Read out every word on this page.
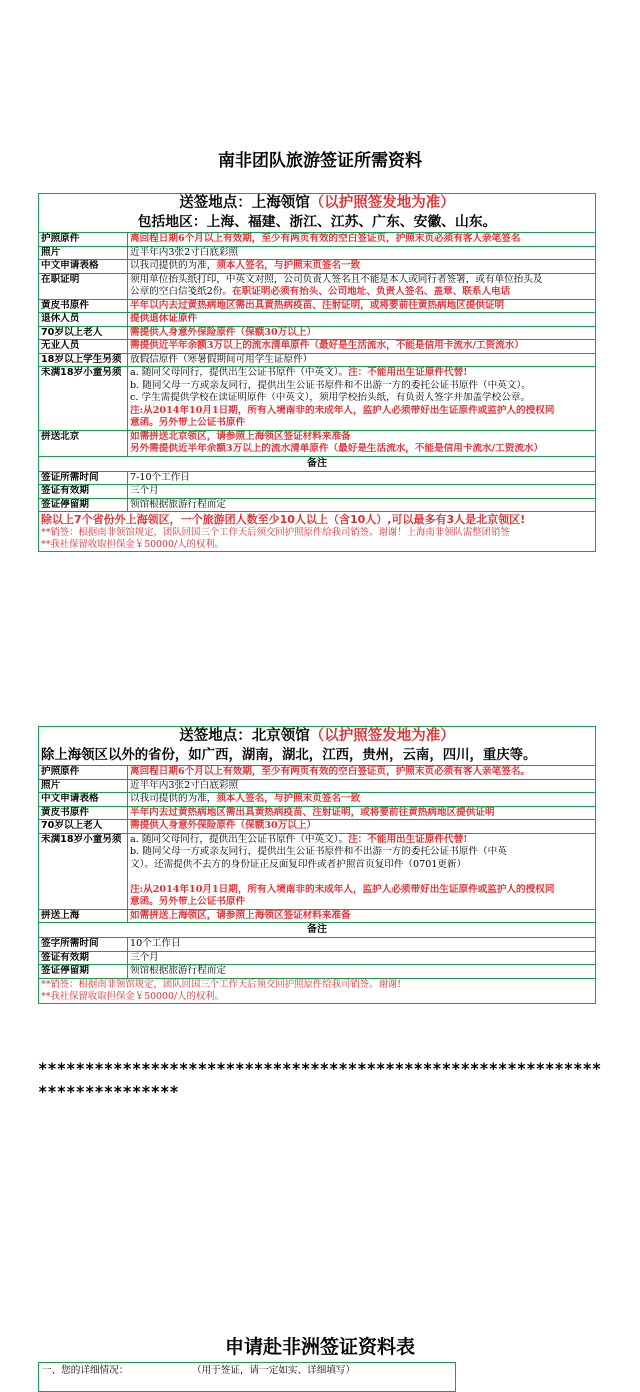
南非团队旅游签证所需资料
送签地点：上海领馆（以护照签发地为准）
包括地区：上海、福建、浙江、江苏、广东、安徽、山东。
护照原件	离回程日期6个月以上有效期，至少有两页有效的空白签证页，护照末页必须有客人亲笔签名

照片	近半年内3张2寸白底彩照

中文申请表格	以我司提供的为准，须本人签名，与护照末页签名一致

在职证明	须用单位抬头纸打印，中英文对照，公司负责人签名且不能是本人或同行者签署，或有单位抬头及
公章的空白信笺纸2份。在职证明必须有抬头、公司地址、负责人签名、盖章、联系人电话

黄皮书原件	半年以内去过黄热病地区需出具黄热病疫苗、注射证明，或将要前往黄热病地区提供证明

退休人员	提供退休证原件

70岁以上老人	需提供人身意外保险原件（保额30万以上）

无业人员	需提供近半年余额3万以上的流水清单原件（最好是生活流水，不能是信用卡流水/工资流水）

18岁以上学生另须	放假信原件（寒暑假期间可用学生证原件）

未满18岁小童另须	a. 随同父母同行，提供出生公证书原件（中英文）。注：不能用出生证原件代替!
b. 随同父母一方或亲友同行，提供出生公证书原件和不出游一方的委托公证书原件（中英文）。
c. 学生需提供学校在读证明原件（中英文），须用学校抬头纸，有负责人签字并加盖学校公章。
注:从2014年10月1日期，所有入境南非的未成年人，监护人必须带好出生证原件或监护人的授权同
意函。另外带上公证书原件

拼送北京	如需拼送北京领区，请参照上海领区签证材料来准备
另外需提供近半年余额3万以上的流水清单原件（最好是生活流水，不能是信用卡流水/工资流水）

备注	
签证所需时间	7-10个工作日

签证有效期	三个月

签证停留期	领馆根据旅游行程而定

除以上7个省份外上海领区，一个旅游团人数至少10人以上（含10人）,可以最多有3人是北京领区!	

**销签：根据南非领馆规定，团队回国三个工作天后须交回护照原件给我司销签。谢谢！上海南非领队需整团销签
**我社保留收取担保金￥50000/人的权利。	
送签地点：北京领馆（以护照签发地为准）
除上海领区以外的省份，如广西，湖南，湖北，江西，贵州，云南，四川，重庆等。
护照原件	离回程日期6个月以上有效期，至少有两页有效的空白签证页，护照末页必须有客人亲笔签名。

照片	近半年内3张2寸白底彩照

中文申请表格	以我司提供的为准，须本人签名，与护照末页签名一致

黄皮书原件	半年内去过黄热病地区需出具黄热病疫苗、注射证明，或将要前往黄热病地区提供证明

70岁以上老人	需提供人身意外保险原件（保额30万以上）

未满18岁小童另须	a. 随同父母同行，提供出生公证书原件（中英文）。注：不能用出生证原件代替!
b. 随同父母一方或亲友同行，提供出生公证书原件和不出游一方的委托公证书原件（中英
文）。还需提供不去方的身份证正反面复印件或者护照首页复印件（0701更新）

注:从2014年10月1日期，所有入境南非的未成年人，监护人必须带好出生证原件或监护人的授权同
意函。另外带上公证书原件

拼送上海	如需拼送上海领区，请参照上海领区签证材料来准备

备注	
签字所需时间	10个工作日

签证有效期	三个月

签证停留期	领馆根据旅游行程而定

**销签：根据南非领馆规定，团队回国三个工作天后须交回护照原件给我司销签。谢谢!
**我社保留收取担保金￥50000/人的权利。	
***************************************************************************
申请赴非洲签证资料表
一、您的详细情况：	（用于签证，请一定如实、详细填写）
